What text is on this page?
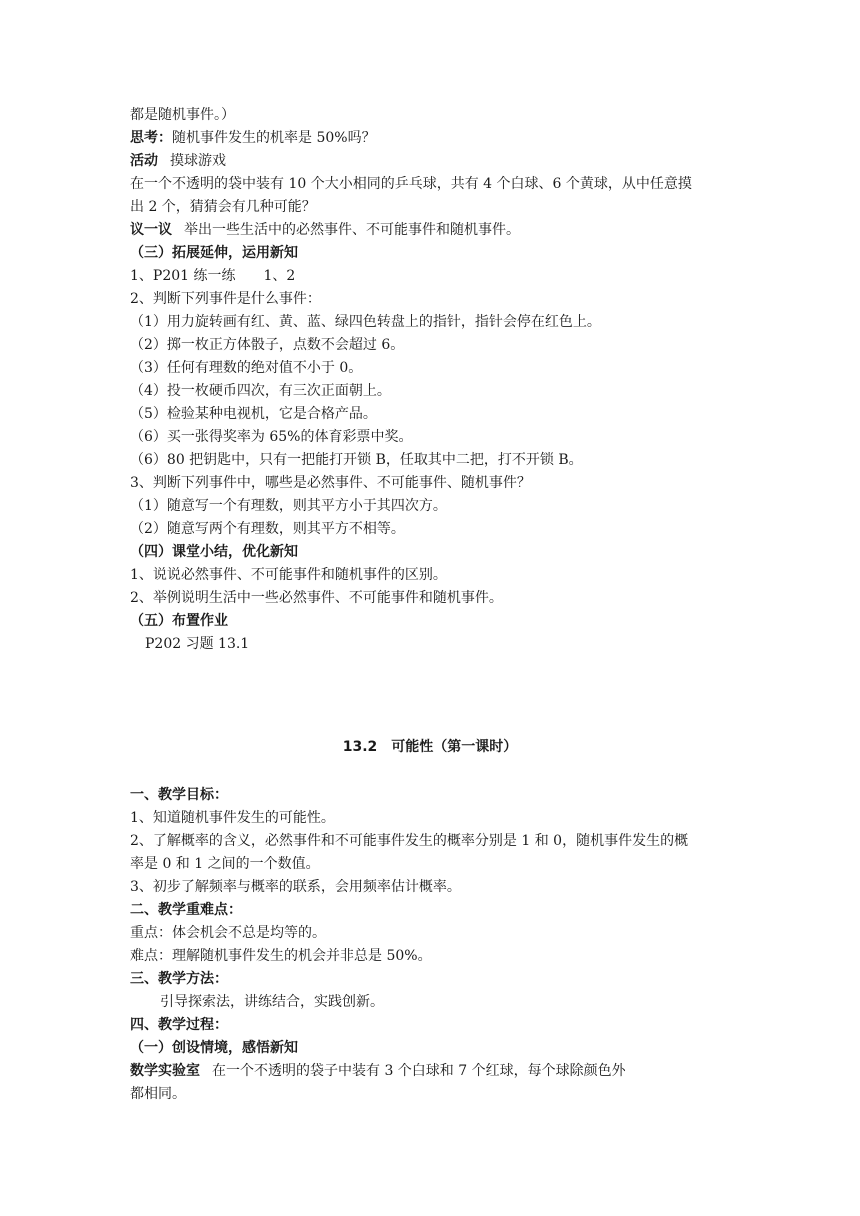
都是随机事件。）
思考：随机事件发生的机率是 50%吗？
活动 摸球游戏
在一个不透明的袋中装有 10 个大小相同的乒乓球，共有 4 个白球、6 个黄球，从中任意摸
出 2 个，猜猜会有几种可能？
议一议 举出一些生活中的必然事件、不可能事件和随机事件。
（三）拓展延伸，运用新知
1、P201 练一练　　1、2
2、判断下列事件是什么事件：
（1）用力旋转画有红、黄、蓝、绿四色转盘上的指针，指针会停在红色上。
（2）掷一枚正方体骰子，点数不会超过 6。
（3）任何有理数的绝对值不小于 0。
（4）投一枚硬币四次，有三次正面朝上。
（5）检验某种电视机，它是合格产品。
（6）买一张得奖率为 65%的体育彩票中奖。
（6）80 把钥匙中，只有一把能打开锁 B，任取其中二把，打不开锁 B。
3、判断下列事件中，哪些是必然事件、不可能事件、随机事件？
（1）随意写一个有理数，则其平方小于其四次方。
（2）随意写两个有理数，则其平方不相等。
（四）课堂小结，优化新知
1、说说必然事件、不可能事件和随机事件的区别。
2、举例说明生活中一些必然事件、不可能事件和随机事件。
（五）布置作业
P202 习题 13.1
13.2　可能性（第一课时）
一、教学目标：
1、知道随机事件发生的可能性。
2、了解概率的含义，必然事件和不可能事件发生的概率分别是 1 和 0，随机事件发生的概
率是 0 和 1 之间的一个数值。
3、初步了解频率与概率的联系，会用频率估计概率。
二、教学重难点：
重点：体会机会不总是均等的。
难点：理解随机事件发生的机会并非总是 50%。
三、教学方法：
引导探索法，讲练结合，实践创新。
四、教学过程：
（一）创设情境，感悟新知
数学实验室 在一个不透明的袋子中装有 3 个白球和 7 个红球，每个球除颜色外
都相同。
